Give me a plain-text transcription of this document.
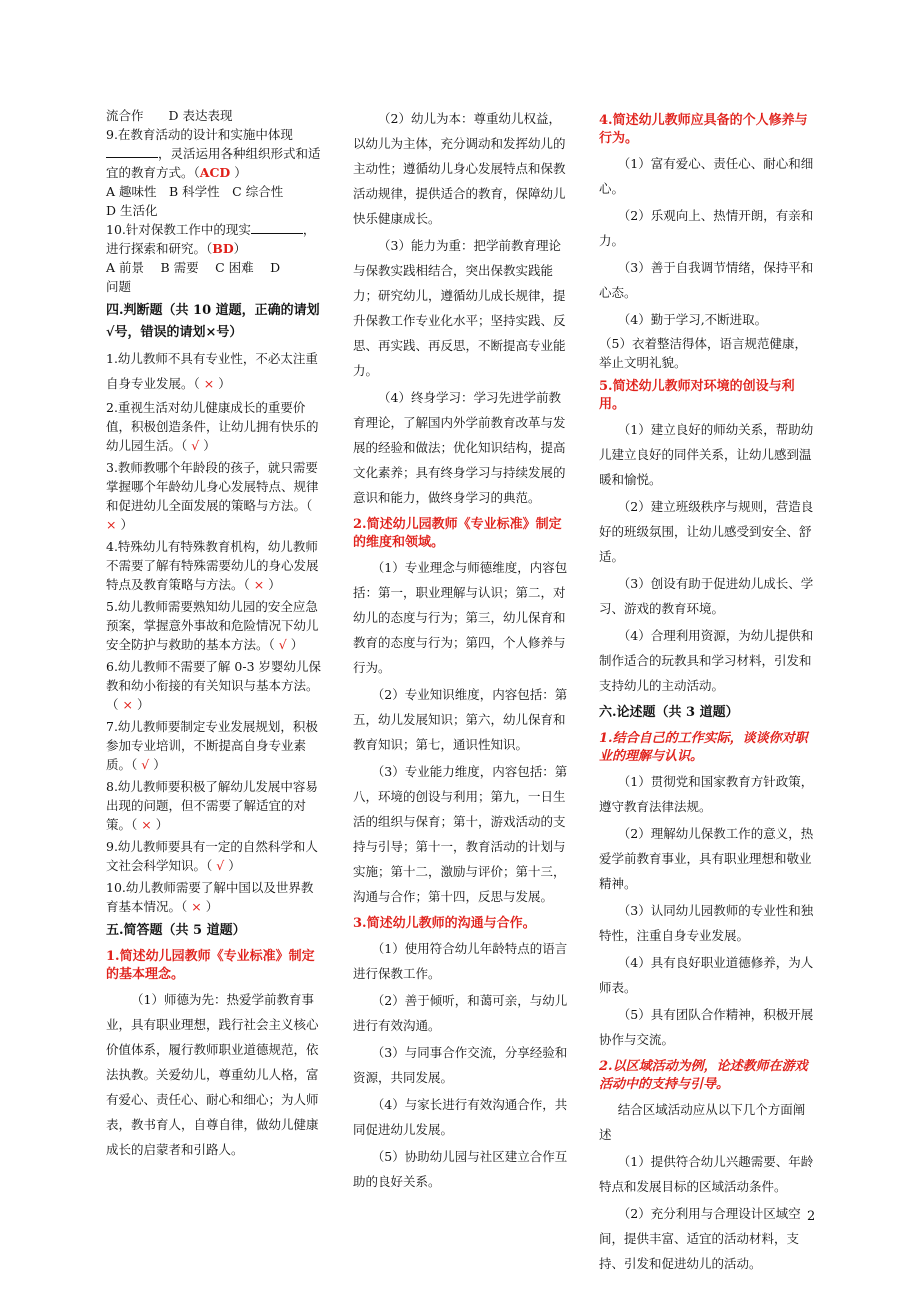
流合作　　D 表达表现

9.在教育活动的设计和实施中体现，灵活运用各种组织形式和适宜的教育方式。（ACD ）

A 趣味性　B 科学性　C 综合性

D 生活化

10.针对保教工作中的现实	，进行探索和研究。（BD）

A 前景　 B 需要　 C 困难　 D

问题

四.判断题（共 10 道题，正确的请划√号，错误的请划×号）

1.幼儿教师不具有专业性，不必太注重自身专业发展。（ × ）

2.重视生活对幼儿健康成长的重要价值，积极创造条件，让幼儿拥有快乐的幼儿园生活。（ √ ）

3.教师教哪个年龄段的孩子，就只需要掌握哪个年龄幼儿身心发展特点、规律和促进幼儿全面发展的策略与方法。（ × ）

4.特殊幼儿有特殊教育机构，幼儿教师不需要了解有特殊需要幼儿的身心发展特点及教育策略与方法。（ × ）

5.幼儿教师需要熟知幼儿园的安全应急预案，掌握意外事故和危险情况下幼儿安全防护与救助的基本方法。（ √ ）

6.幼儿教师不需要了解 0-3 岁婴幼儿保教和幼小衔接的有关知识与基本方法。（ × ）

7.幼儿教师要制定专业发展规划，积极参加专业培训，不断提高自身专业素质。（ √ ）

8.幼儿教师要积极了解幼儿发展中容易出现的问题，但不需要了解适宜的对策。（ × ）

9.幼儿教师要具有一定的自然科学和人文社会科学知识。（ √ ）

10.幼儿教师需要了解中国以及世界教育基本情况。（ × ）

五.简答题（共 5 道题）

1.简述幼儿园教师《专业标准》制定的基本理念。

（1）师德为先：热爱学前教育事业，具有职业理想，践行社会主义核心价值体系，履行教师职业道德规范，依法执教。关爱幼儿，尊重幼儿人格，富有爱心、责任心、耐心和细心；为人师表，教书育人，自尊自律，做幼儿健康成长的启蒙者和引路人。

（2）幼儿为本：尊重幼儿权益，以幼儿为主体，充分调动和发挥幼儿的主动性；遵循幼儿身心发展特点和保教活动规律，提供适合的教育，保障幼儿快乐健康成长。

（3）能力为重：把学前教育理论与保教实践相结合，突出保教实践能力；研究幼儿，遵循幼儿成长规律，提升保教工作专业化水平；坚持实践、反思、再实践、再反思，不断提高专业能力。

（4）终身学习：学习先进学前教育理论，了解国内外学前教育改革与发展的经验和做法；优化知识结构，提高文化素养；具有终身学习与持续发展的意识和能力，做终身学习的典范。

2.简述幼儿园教师《专业标准》制定的维度和领域。

（1）专业理念与师德维度，内容包括：第一，职业理解与认识；第二，对幼儿的态度与行为；第三，幼儿保育和教育的态度与行为；第四，个人修养与行为。

（2）专业知识维度，内容包括：第五，幼儿发展知识；第六，幼儿保育和教育知识；第七，通识性知识。

（3）专业能力维度，内容包括：第八，环境的创设与利用；第九，一日生活的组织与保育；第十，游戏活动的支持与引导；第十一，教育活动的计划与实施；第十二，激励与评价；第十三，沟通与合作；第十四，反思与发展。

3.简述幼儿教师的沟通与合作。

（1）使用符合幼儿年龄特点的语言进行保教工作。

（2）善于倾听，和蔼可亲，与幼儿进行有效沟通。

（3）与同事合作交流，分享经验和资源，共同发展。

（4）与家长进行有效沟通合作，共同促进幼儿发展。

（5）协助幼儿园与社区建立合作互助的良好关系。

4.简述幼儿教师应具备的个人修养与行为。

（1）富有爱心、责任心、耐心和细心。

（2）乐观向上、热情开朗，有亲和力。

（3）善于自我调节情绪，保持平和心态。

（4）勤于学习,不断进取。

（5）衣着整洁得体，语言规范健康，举止文明礼貌。

5.简述幼儿教师对环境的创设与利用。

（1）建立良好的师幼关系，帮助幼儿建立良好的同伴关系，让幼儿感到温暖和愉悦。

（2）建立班级秩序与规则，营造良好的班级氛围，让幼儿感受到安全、舒适。

（3）创设有助于促进幼儿成长、学习、游戏的教育环境。

（4）合理利用资源，为幼儿提供和制作适合的玩教具和学习材料，引发和支持幼儿的主动活动。

六.论述题（共 3 道题）

1.结合自己的工作实际，谈谈你对职业的理解与认识。

（1）贯彻党和国家教育方针政策，遵守教育法律法规。

（2）理解幼儿保教工作的意义，热爱学前教育事业，具有职业理想和敬业精神。

（3）认同幼儿园教师的专业性和独特性，注重自身专业发展。

（4）具有良好职业道德修养，为人师表。

（5）具有团队合作精神，积极开展协作与交流。

2.以区域活动为例，论述教师在游戏活动中的支持与引导。

结合区域活动应从以下几个方面阐述

（1）提供符合幼儿兴趣需要、年龄特点和发展目标的区域活动条件。

（2）充分利用与合理设计区域空间，提供丰富、适宜的活动材料，支持、引发和促进幼儿的活动。

2
